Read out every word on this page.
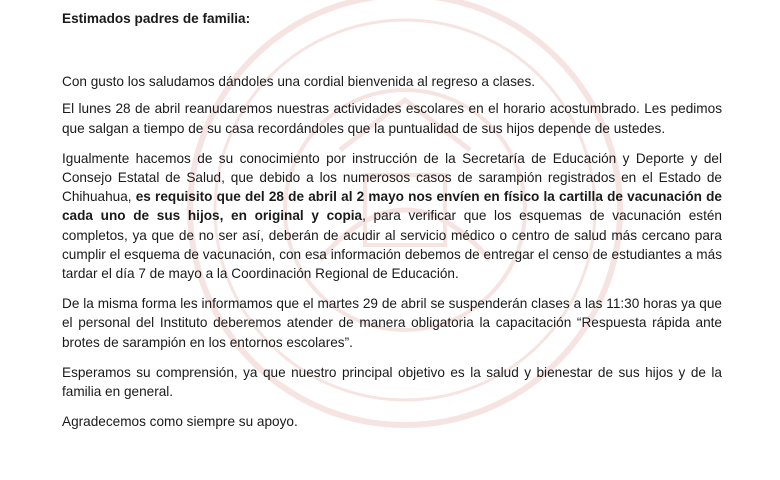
Estimados padres de familia:

Con gusto los saludamos dándoles una cordial bienvenida al regreso a clases.

El lunes 28 de abril reanudaremos nuestras actividades escolares en el horario acostumbrado. Les pedimos que salgan a tiempo de su casa recordándoles que la puntualidad de sus hijos depende de ustedes.

Igualmente hacemos de su conocimiento por instrucción de la Secretaría de Educación y Deporte y del Consejo Estatal de Salud, que debido a los numerosos casos de sarampión registrados en el Estado de Chihuahua, es requisito que del 28 de abril al 2 mayo nos envíen en físico la cartilla de vacunación de cada uno de sus hijos, en original y copia, para verificar que los esquemas de vacunación estén completos, ya que de no ser así, deberán de acudir al servicio médico o centro de salud más cercano para cumplir el esquema de vacunación, con esa información debemos de entregar el censo de estudiantes a más tardar el día 7 de mayo a la Coordinación Regional de Educación.

De la misma forma les informamos que el martes 29 de abril se suspenderán clases a las 11:30 horas ya que el personal del Instituto deberemos atender de manera obligatoria la capacitación “Respuesta rápida ante brotes de sarampión en los entornos escolares”.

Esperamos su comprensión, ya que nuestro principal objetivo es la salud y bienestar de sus hijos y de la familia en general.

Agradecemos como siempre su apoyo.
